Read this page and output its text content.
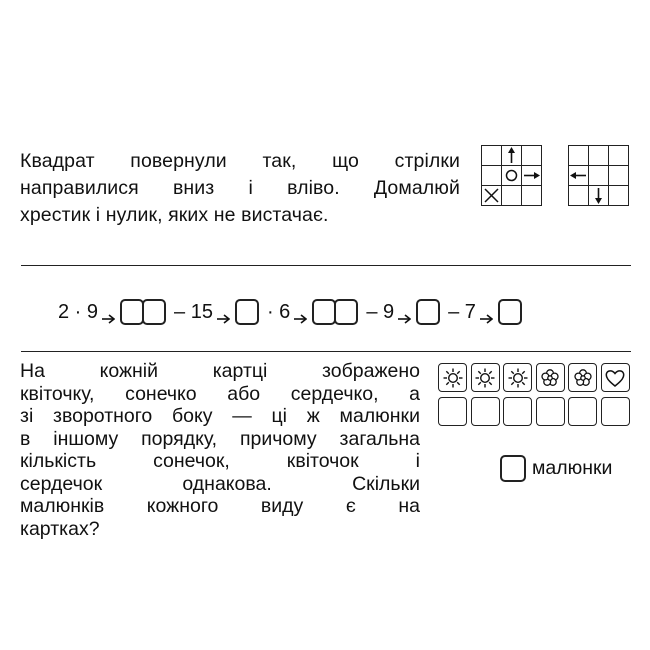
Квадрат повернули так, що стрілки
направилися вниз і вліво. Домалюй
хрестик і нулик, яких не вистачає.

2 · 9	– 15	· 6	– 9	– 7
На кожній картці зображено
квіточку, сонечко або сердечко, а
зі зворотного боку — ці ж малюнки
в іншому порядку, причому загальна
кількість сонечок, квіточок і
сердечок однакова. Скільки
малюнків кожного виду є на
картках?
малюнки
